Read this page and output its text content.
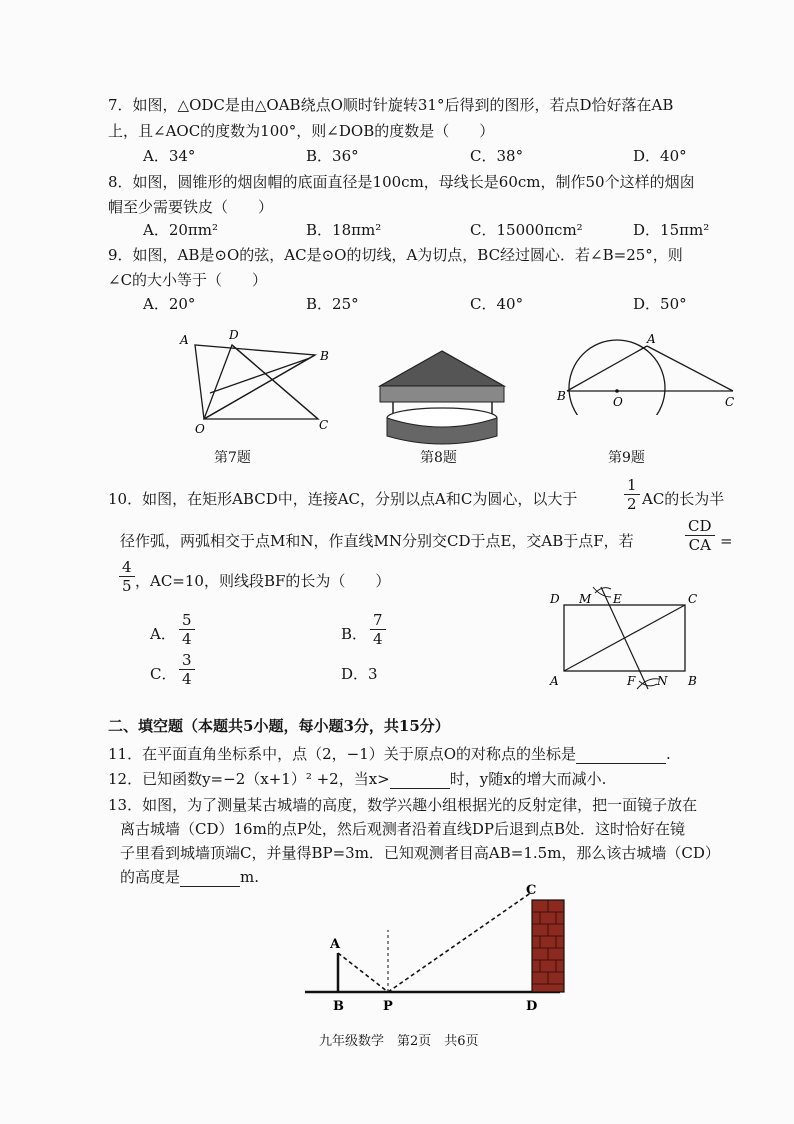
7．如图，△ODC是由△OAB绕点O顺时针旋转31°后得到的图形，若点D恰好落在AB
上，且∠AOC的度数为100°，则∠DOB的度数是（　　）
A．34°	B．36°	C．38°	D．40°
8．如图，圆锥形的烟囱帽的底面直径是100cm，母线长是60cm，制作50个这样的烟囱
帽至少需要铁皮（　　）
A．20πm²	B．18πm²	C．15000πcm²	D．15πm²
9．如图，AB是⊙O的弦，AC是⊙O的切线，A为切点，BC经过圆心．若∠B=25°，则
∠C的大小等于（　　）
A．20°	B．25°	C．40°	D．50°
A	D
B
O	C
A
B	O	C
第7题	第8题	第9题
10．如图，在矩形ABCD中，连接AC，分别以点A和C为圆心，以大于	$\frac{1}{2}$ AC的长为半
径作弧，两弧相交于点M和N，作直线MN分别交CD于点E，交AB于点F，若	$\frac{CD}{CA}$ =
$\frac{4}{5}$ ，AC=10，则线段BF的长为（　　）
A． $\frac{5}{4}$	B． $\frac{7}{4}$
C． $\frac{3}{4}$	D．3
D M E	C
A	F N B
二、填空题（本题共5小题，每小题3分，共15分）
11．在平面直角坐标系中，点（2，−1）关于原点O的对称点的坐标是	.
12．已知函数y=−2（x+1）² +2，当x>	时，y随x的增大而减小.
13．如图，为了测量某古城墙的高度，数学兴趣小组根据光的反射定律，把一面镜子放在
离古城墙（CD）16m的点P处，然后观测者沿着直线DP后退到点B处．这时恰好在镜
子里看到城墙顶端C，并量得BP=3m．已知观测者目高AB=1.5m，那么该古城墙（CD）
的高度是	m.
A
B	P
C
D
九年级数学　第2页　共6页
